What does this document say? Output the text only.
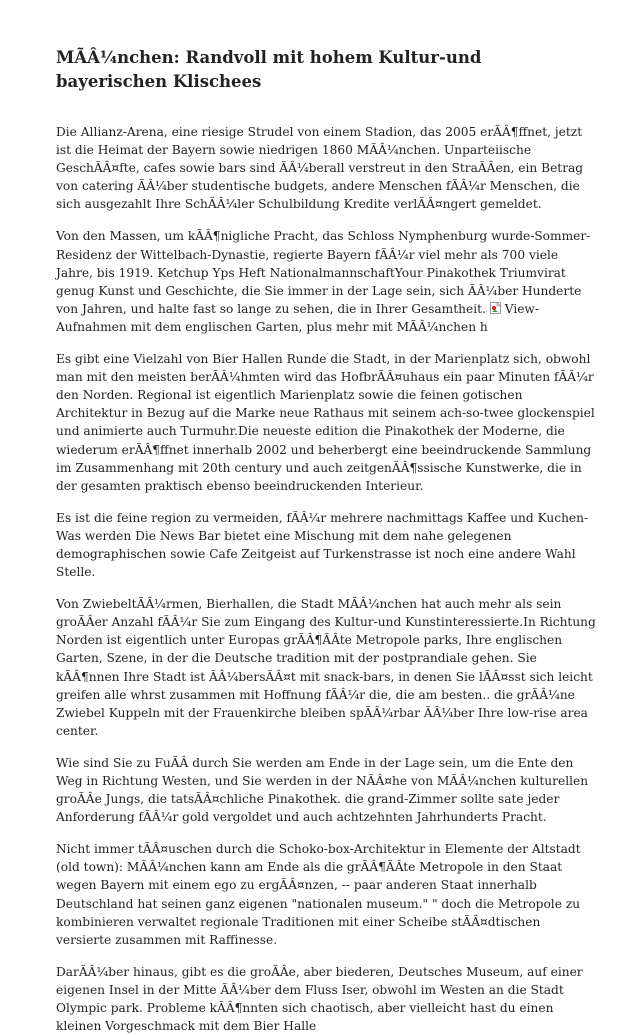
MÃÂ¼nchen: Randvoll mit hohem Kultur-und bayerischen Klischees

Die Allianz-Arena, eine riesige Strudel von einem Stadion, das 2005 erÃÂ¶ffnet, jetzt ist die Heimat der Bayern sowie niedrigen 1860 MÃÂ¼nchen. Unparteiische GeschÃÂ¤fte, cafes sowie bars sind ÃÂ¼berall verstreut in den StraÃÂen, ein Betrag von catering ÃÂ¼ber studentische budgets, andere Menschen fÃÂ¼r Menschen, die sich ausgezahlt Ihre SchÃÂ¼ler Schulbildung Kredite verlÃÂ¤ngert gemeldet.

Von den Massen, um kÃÂ¶nigliche Pracht, das Schloss Nymphenburg wurde-Sommer-Residenz der Wittelbach-Dynastie, regierte Bayern fÃÂ¼r viel mehr als 700 viele Jahre, bis 1919. Ketchup Yps Heft NationalmannschaftYour Pinakothek Triumvirat genug Kunst und Geschichte, die Sie immer in der Lage sein, sich ÃÂ¼ber Hunderte von Jahren, und halte fast so lange zu sehen, die in Ihrer Gesamtheit. View-Aufnahmen mit dem englischen Garten, plus mehr mit MÃÂ¼nchen h

Es gibt eine Vielzahl von Bier Hallen Runde die Stadt, in der Marienplatz sich, obwohl man mit den meisten berÃÂ¼hmten wird das HofbrÃÂ¤uhaus ein paar Minuten fÃÂ¼r den Norden. Regional ist eigentlich Marienplatz sowie die feinen gotischen Architektur in Bezug auf die Marke neue Rathaus mit seinem ach-so-twee glockenspiel und animierte auch Turmuhr.Die neueste edition die Pinakothek der Moderne, die wiederum erÃÂ¶ffnet innerhalb 2002 und beherbergt eine beeindruckende Sammlung im Zusammenhang mit 20th century und auch zeitgenÃÂ¶ssische Kunstwerke, die in der gesamten praktisch ebenso beeindruckenden Interieur.

Es ist die feine region zu vermeiden, fÃÂ¼r mehrere nachmittags Kaffee und Kuchen-Was werden Die News Bar bietet eine Mischung mit dem nahe gelegenen demographischen sowie Cafe Zeitgeist auf Turkenstrasse ist noch eine andere Wahl Stelle.

Von ZwiebeltÃÂ¼rmen, Bierhallen, die Stadt MÃÂ¼nchen hat auch mehr als sein groÃÂer Anzahl fÃÂ¼r Sie zum Eingang des Kultur-und Kunstinteressierte.In Richtung Norden ist eigentlich unter Europas grÃÂ¶ÃÂte Metropole parks, Ihre englischen Garten, Szene, in der die Deutsche tradition mit der postprandiale gehen. Sie kÃÂ¶nnen Ihre Stadt ist ÃÂ¼bersÃÂ¤t mit snack-bars, in denen Sie lÃÂ¤sst sich leicht greifen alle whrst zusammen mit Hoffnung fÃÂ¼r die, die am besten.. die grÃÂ¼ne Zwiebel Kuppeln mit der Frauenkirche bleiben spÃÂ¼rbar ÃÂ¼ber Ihre low-rise area center.

Wie sind Sie zu FuÃÂ durch Sie werden am Ende in der Lage sein, um die Ente den Weg in Richtung Westen, und Sie werden in der NÃÂ¤he von MÃÂ¼nchen kulturellen groÃÂe Jungs, die tatsÃÂ¤chliche Pinakothek. die grand-Zimmer sollte sate jeder Anforderung fÃÂ¼r gold vergoldet und auch achtzehnten Jahrhunderts Pracht.

Nicht immer tÃÂ¤uschen durch die Schoko-box-Architektur in Elemente der Altstadt (old town): MÃÂ¼nchen kann am Ende als die grÃÂ¶ÃÂte Metropole in den Staat wegen Bayern mit einem ego zu ergÃÂ¤nzen, -- paar anderen Staat innerhalb Deutschland hat seinen ganz eigenen "nationalen museum." " doch die Metropole zu kombinieren verwaltet regionale Traditionen mit einer Scheibe stÃÂ¤dtischen versierte zusammen mit Raffinesse.

DarÃÂ¼ber hinaus, gibt es die groÃÂe, aber biederen, Deutsches Museum, auf einer eigenen Insel in der Mitte ÃÂ¼ber dem Fluss Iser, obwohl im Westen an die Stadt Olympic park. Probleme kÃÂ¶nnten sich chaotisch, aber vielleicht hast du einen kleinen Vorgeschmack mit dem Bier Halle
